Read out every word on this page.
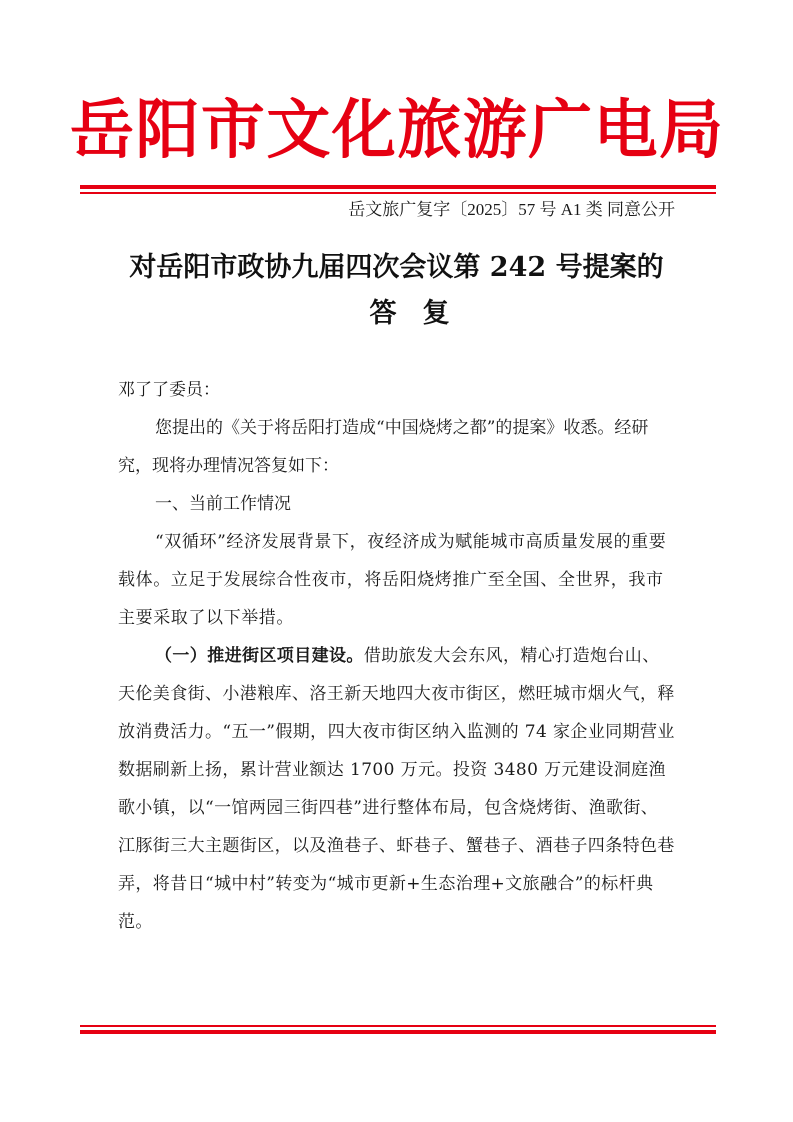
岳阳市文化旅游广电局
岳文旅广复字〔2025〕57 号 A1 类 同意公开
对岳阳市政协九届四次会议第 242 号提案的
答复
邓了了委员：
您提出的《关于将岳阳打造成“中国烧烤之都”的提案》收悉。经研究，现将办理情况答复如下：
一、当前工作情况
“双循环”经济发展背景下，夜经济成为赋能城市高质量发展的重要载体。立足于发展综合性夜市，将岳阳烧烤推广至全国、全世界，我市主要采取了以下举措。
（一）推进街区项目建设。借助旅发大会东风，精心打造炮台山、天伦美食街、小港粮库、洛王新天地四大夜市街区，燃旺城市烟火气，释放消费活力。“五一”假期，四大夜市街区纳入监测的 74 家企业同期营业数据刷新上扬，累计营业额达 1700 万元。投资 3480 万元建设洞庭渔歌小镇，以“一馆两园三街四巷”进行整体布局，包含烧烤街、渔歌街、江豚街三大主题街区，以及渔巷子、虾巷子、蟹巷子、酒巷子四条特色巷弄，将昔日“城中村”转变为“城市更新+生态治理+文旅融合”的标杆典范。
